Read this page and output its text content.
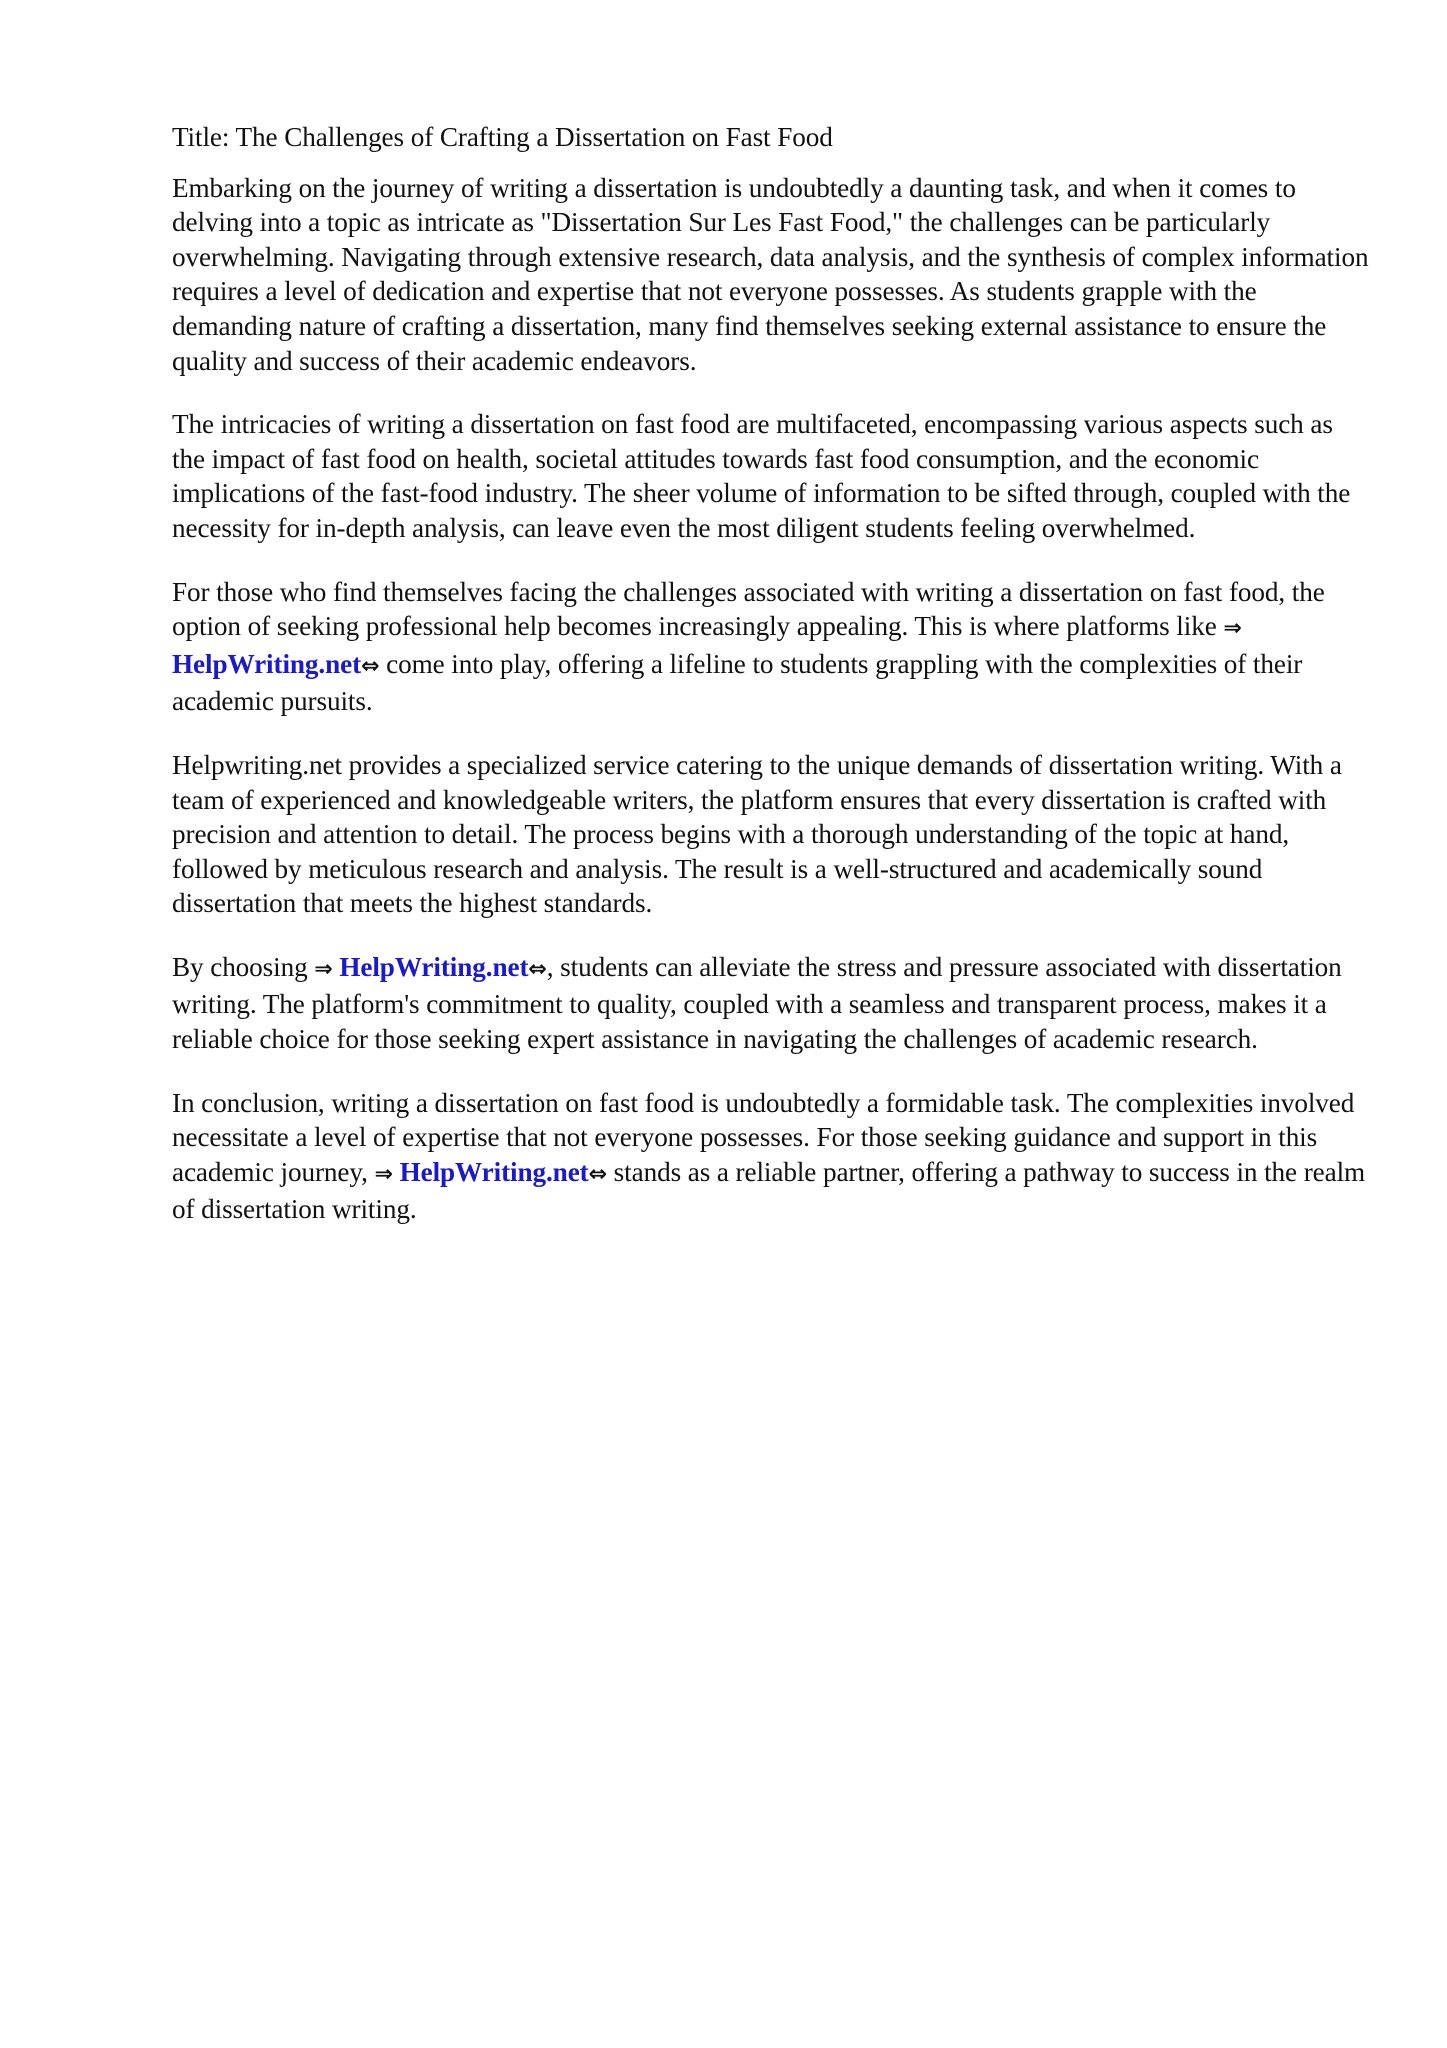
Title: The Challenges of Crafting a Dissertation on Fast Food

Embarking on the journey of writing a dissertation is undoubtedly a daunting task, and when it comes to delving into a topic as intricate as "Dissertation Sur Les Fast Food," the challenges can be particularly overwhelming. Navigating through extensive research, data analysis, and the synthesis of complex information requires a level of dedication and expertise that not everyone possesses. As students grapple with the demanding nature of crafting a dissertation, many find themselves seeking external assistance to ensure the quality and success of their academic endeavors.

The intricacies of writing a dissertation on fast food are multifaceted, encompassing various aspects such as the impact of fast food on health, societal attitudes towards fast food consumption, and the economic implications of the fast-food industry. The sheer volume of information to be sifted through, coupled with the necessity for in-depth analysis, can leave even the most diligent students feeling overwhelmed.

For those who find themselves facing the challenges associated with writing a dissertation on fast food, the option of seeking professional help becomes increasingly appealing. This is where platforms like ⇒ HelpWriting.net⇔ come into play, offering a lifeline to students grappling with the complexities of their academic pursuits.

Helpwriting.net provides a specialized service catering to the unique demands of dissertation writing. With a team of experienced and knowledgeable writers, the platform ensures that every dissertation is crafted with precision and attention to detail. The process begins with a thorough understanding of the topic at hand, followed by meticulous research and analysis. The result is a well-structured and academically sound dissertation that meets the highest standards.

By choosing ⇒ HelpWriting.net⇔, students can alleviate the stress and pressure associated with dissertation writing. The platform's commitment to quality, coupled with a seamless and transparent process, makes it a reliable choice for those seeking expert assistance in navigating the challenges of academic research.

In conclusion, writing a dissertation on fast food is undoubtedly a formidable task. The complexities involved necessitate a level of expertise that not everyone possesses. For those seeking guidance and support in this academic journey, ⇒ HelpWriting.net⇔ stands as a reliable partner, offering a pathway to success in the realm of dissertation writing.
